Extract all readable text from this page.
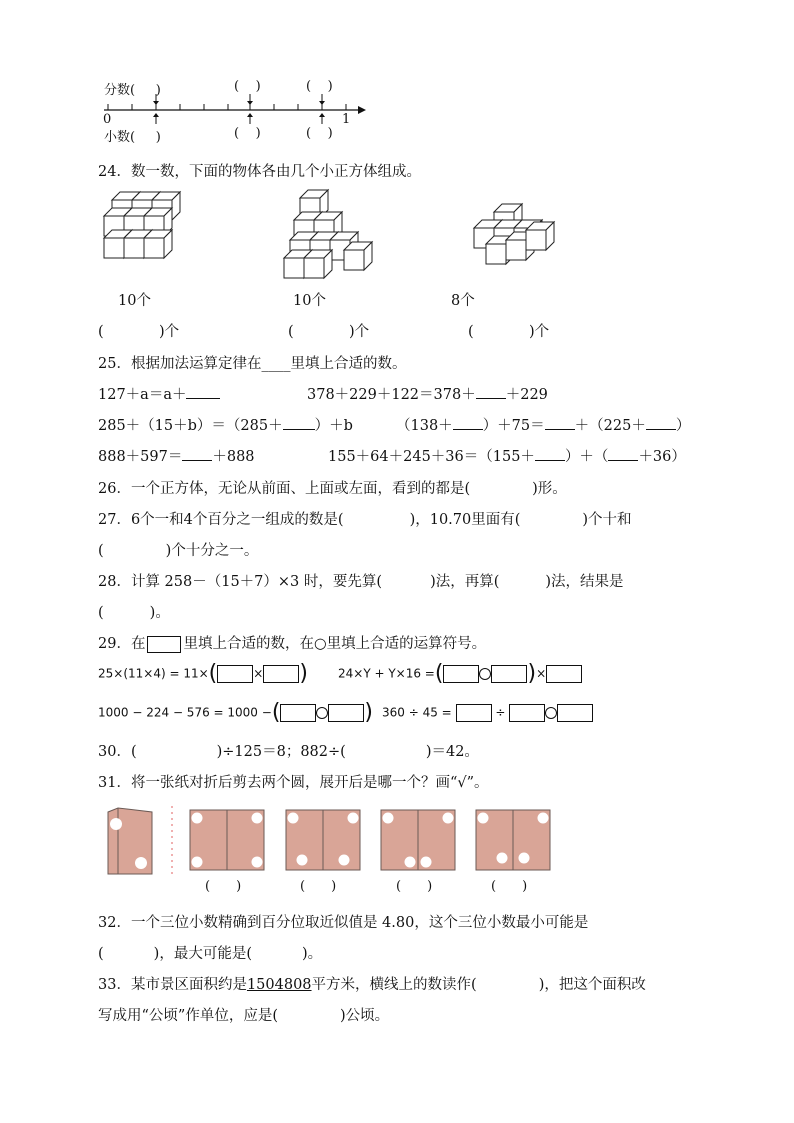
分数( )	( )	( )
0	1
小数( )	( )	( )
24．数一数，下面的物体各由几个小正方体组成。
10个	10个	8个
(            )个	(            )个	(            )个
25．根据加法运算定律在____里填上合适的数。
127＋a＝a＋	378＋229＋122＝378＋ ＋229
285＋（15＋b）＝（285＋ ）＋b	（138＋ ）＋75＝ ＋（225＋ ）
888＋597＝ ＋888	155＋64＋245＋36＝（155＋ ）＋（ ＋36）
26．一个正方体，无论从前面、上面或左面，看到的都是(	)形。
27．6个一和4个百分之一组成的数是(	)，10.70里面有(	)个十和
(	)个十分之一。
28．计算 258－（15＋7）×3 时，要先算(	)法，再算(	)法，结果是
(	)。
29．在	里填上合适的数，在○里填上合适的运算符号。
25×(11×4) = 11×(	× )	24×Y + Y×16 =(	)×
1000 − 224 − 576 = 1000 −(	) 360 ÷ 45 =	÷
30．(	)÷125＝8；882÷(	)＝42。
31．将一张纸对折后剪去两个圆，展开后是哪一个？画“√”。
(　　)	(　　)	(　　)	(　　)
32．一个三位小数精确到百分位取近似值是 4.80，这个三位小数最小可能是
(	)，最大可能是(	)。
33．某市景区面积约是1504808平方米，横线上的数读作(	)，把这个面积改
写成用“公顷”作单位，应是(	)公顷。
